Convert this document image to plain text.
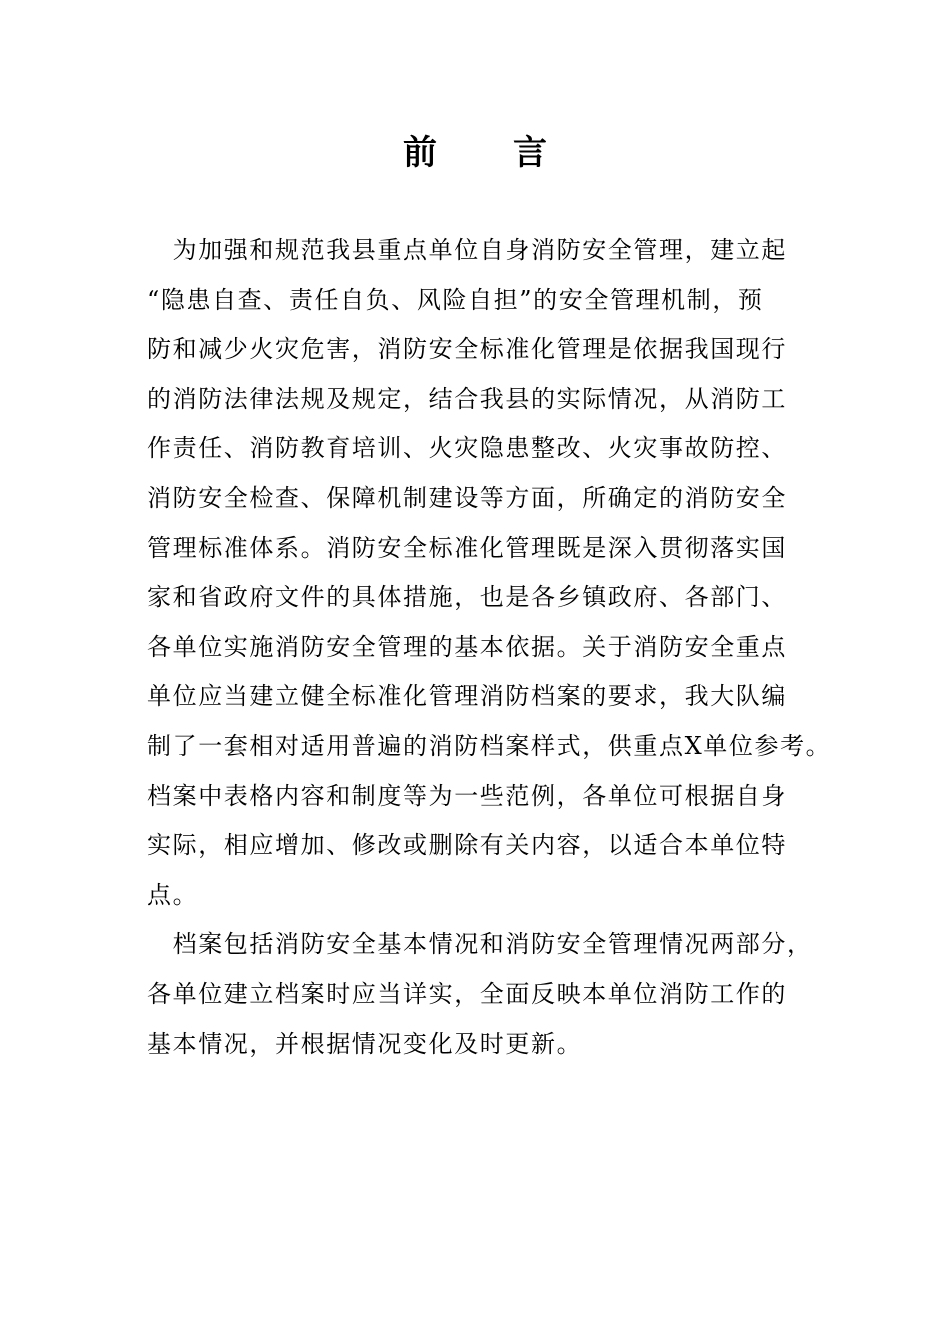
前 言
　为加强和规范我县重点单位自身消防安全管理，建立起
“隐患自查、责任自负、风险自担”的安全管理机制，预
防和减少火灾危害，消防安全标准化管理是依据我国现行
的消防法律法规及规定，结合我县的实际情况，从消防工
作责任、消防教育培训、火灾隐患整改、火灾事故防控、
消防安全检查、保障机制建设等方面，所确定的消防安全
管理标准体系。消防安全标准化管理既是深入贯彻落实国
家和省政府文件的具体措施，也是各乡镇政府、各部门、
各单位实施消防安全管理的基本依据。关于消防安全重点
单位应当建立健全标准化管理消防档案的要求，我大队编
制了一套相对适用普遍的消防档案样式，供重点X单位参考。
档案中表格内容和制度等为一些范例，各单位可根据自身
实际，相应增加、修改或删除有关内容，以适合本单位特
点。
　档案包括消防安全基本情况和消防安全管理情况两部分，
各单位建立档案时应当详实，全面反映本单位消防工作的
基本情况，并根据情况变化及时更新。
